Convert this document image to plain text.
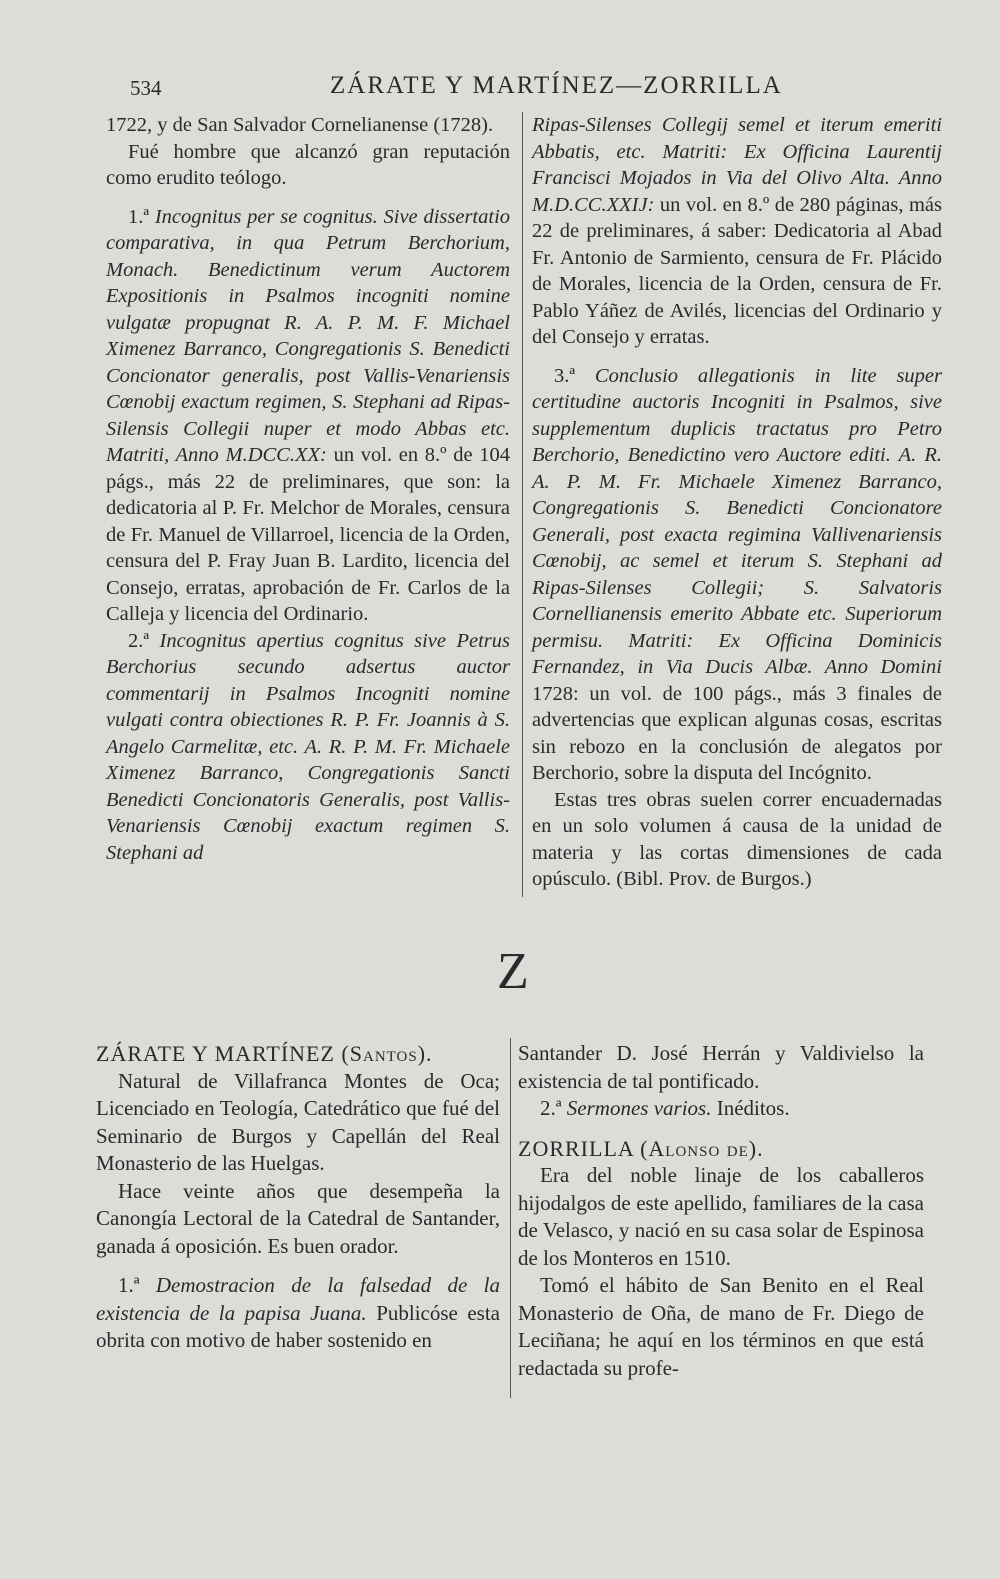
534	ZÁRATE Y MARTÍNEZ—ZORRILLA

1722, y de San Salvador Cornelianense (1728).

Fué hombre que alcanzó gran reputación como erudito teólogo.

1.ª Incognitus per se cognitus. Sive dissertatio comparativa, in qua Petrum Berchorium, Monach. Benedictinum verum Auctorem Expositionis in Psalmos incogniti nomine vulgatæ propugnat R. A. P. M. F. Michael Ximenez Barranco, Congregationis S. Benedicti Concionator generalis, post Vallis-Venariensis Cœnobij exactum regimen, S. Stephani ad Ripas-Silensis Collegii nuper et modo Abbas etc. Matriti, Anno M.DCC.XX: un vol. en 8.º de 104 págs., más 22 de preliminares, que son: la dedicatoria al P. Fr. Melchor de Morales, censura de Fr. Manuel de Villarroel, licencia de la Orden, censura del P. Fray Juan B. Lardito, licencia del Consejo, erratas, aprobación de Fr. Carlos de la Calleja y licencia del Ordinario.

2.ª Incognitus apertius cognitus sive Petrus Berchorius secundo adsertus auctor commentarij in Psalmos Incogniti nomine vulgati contra obiectiones R. P. Fr. Joannis à S. Angelo Carmelitæ, etc. A. R. P. M. Fr. Michaele Ximenez Barranco, Congregationis Sancti Benedicti Concionatoris Generalis, post Vallis-Venariensis Cœnobij exactum regimen S. Stephani ad

Ripas-Silenses Collegij semel et iterum emeriti Abbatis, etc. Matriti: Ex Officina Laurentij Francisci Mojados in Via del Olivo Alta. Anno M.D.CC.XXIJ: un vol. en 8.º de 280 páginas, más 22 de preliminares, á saber: Dedicatoria al Abad Fr. Antonio de Sarmiento, censura de Fr. Plácido de Morales, licencia de la Orden, censura de Fr. Pablo Yáñez de Avilés, licencias del Ordinario y del Consejo y erratas.

3.ª Conclusio allegationis in lite super certitudine auctoris Incogniti in Psalmos, sive supplementum duplicis tractatus pro Petro Berchorio, Benedictino vero Auctore editi. A. R. A. P. M. Fr. Michaele Ximenez Barranco, Congregationis S. Benedicti Concionatore Generali, post exacta regimina Vallivenariensis Cœnobij, ac semel et iterum S. Stephani ad Ripas-Silenses Collegii; S. Salvatoris Cornellianensis emerito Abbate etc. Superiorum permisu. Matriti: Ex Officina Dominicis Fernandez, in Via Ducis Albæ. Anno Domini 1728: un vol. de 100 págs., más 3 finales de advertencias que explican algunas cosas, escritas sin rebozo en la conclusión de alegatos por Berchorio, sobre la disputa del Incógnito.

Estas tres obras suelen correr encuadernadas en un solo volumen á causa de la unidad de materia y las cortas dimensiones de cada opúsculo. (Bibl. Prov. de Burgos.)

Z

ZÁRATE Y MARTÍNEZ (Santos).

Natural de Villafranca Montes de Oca; Licenciado en Teología, Catedrático que fué del Seminario de Burgos y Capellán del Real Monasterio de las Huelgas.

Hace veinte años que desempeña la Canongía Lectoral de la Catedral de Santander, ganada á oposición. Es buen orador.

1.ª Demostracion de la falsedad de la existencia de la papisa Juana. Publicóse esta obrita con motivo de haber sostenido en

Santander D. José Herrán y Valdivielso la existencia de tal pontificado.

2.ª Sermones varios. Inéditos.

ZORRILLA (Alonso de).

Era del noble linaje de los caballeros hijodalgos de este apellido, familiares de la casa de Velasco, y nació en su casa solar de Espinosa de los Monteros en 1510.

Tomó el hábito de San Benito en el Real Monasterio de Oña, de mano de Fr. Diego de Leciñana; he aquí en los términos en que está redactada su profe-
